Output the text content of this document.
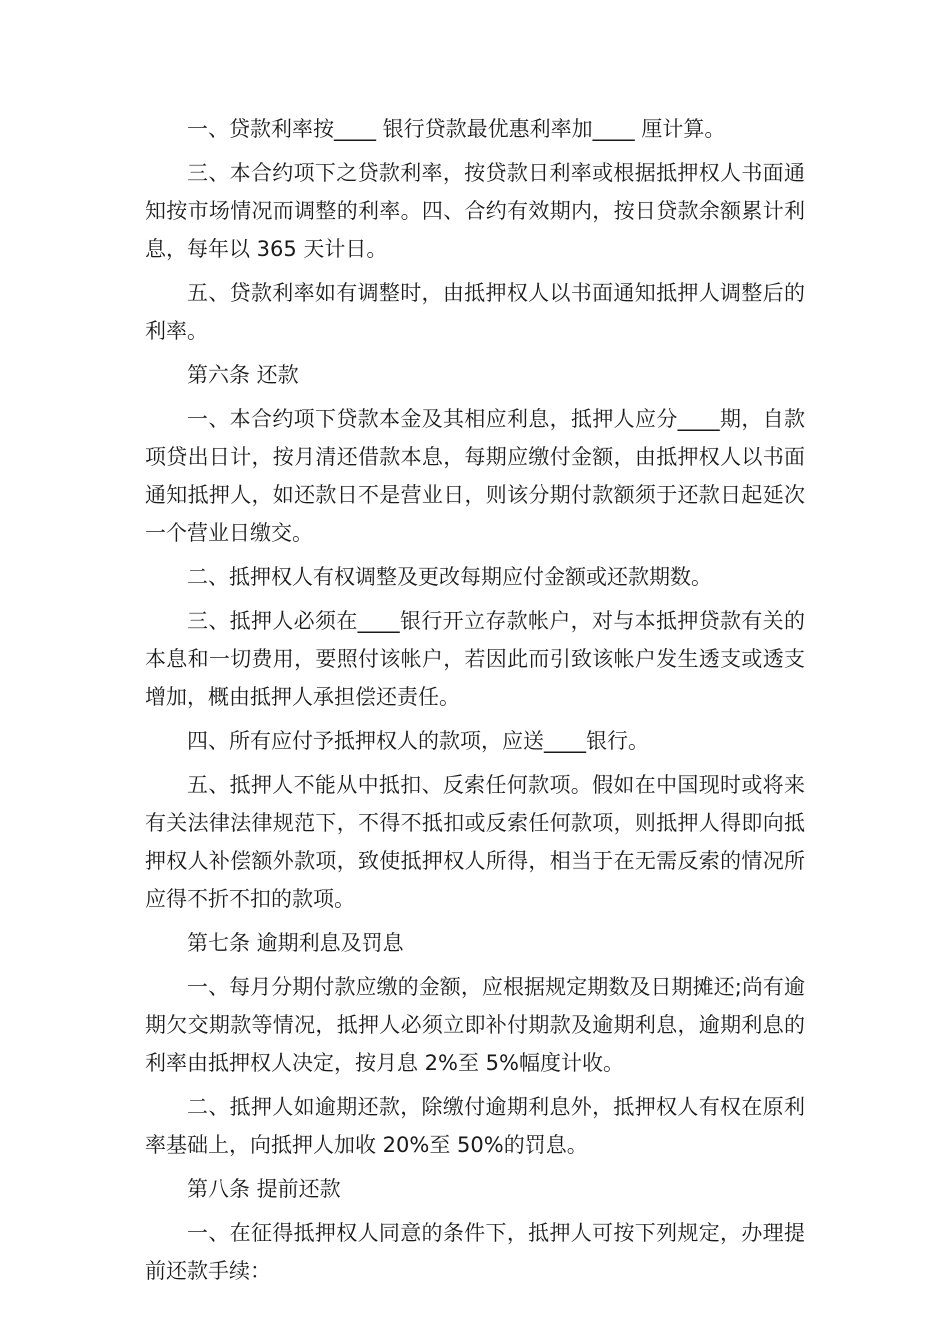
一、贷款利率按____ 银行贷款最优惠利率加____ 厘计算。

三、本合约项下之贷款利率，按贷款日利率或根据抵押权人书面通知按市场情况而调整的利率。四、合约有效期内，按日贷款余额累计利息，每年以 365 天计日。

五、贷款利率如有调整时，由抵押权人以书面通知抵押人调整后的利率。

第六条 还款

一、本合约项下贷款本金及其相应利息，抵押人应分____期，自款项贷出日计，按月清还借款本息，每期应缴付金额，由抵押权人以书面通知抵押人，如还款日不是营业日，则该分期付款额须于还款日起延次一个营业日缴交。

二、抵押权人有权调整及更改每期应付金额或还款期数。

三、抵押人必须在____银行开立存款帐户，对与本抵押贷款有关的本息和一切费用，要照付该帐户，若因此而引致该帐户发生透支或透支增加，概由抵押人承担偿还责任。

四、所有应付予抵押权人的款项，应送____银行。

五、抵押人不能从中抵扣、反索任何款项。假如在中国现时或将来有关法律法律规范下，不得不抵扣或反索任何款项，则抵押人得即向抵押权人补偿额外款项，致使抵押权人所得，相当于在无需反索的情况所应得不折不扣的款项。

第七条 逾期利息及罚息

一、每月分期付款应缴的金额，应根据规定期数及日期摊还;尚有逾期欠交期款等情况，抵押人必须立即补付期款及逾期利息，逾期利息的利率由抵押权人决定，按月息 2%至 5%幅度计收。

二、抵押人如逾期还款，除缴付逾期利息外，抵押权人有权在原利率基础上，向抵押人加收 20%至 50%的罚息。

第八条 提前还款

一、在征得抵押权人同意的条件下，抵押人可按下列规定，办理提前还款手续：
